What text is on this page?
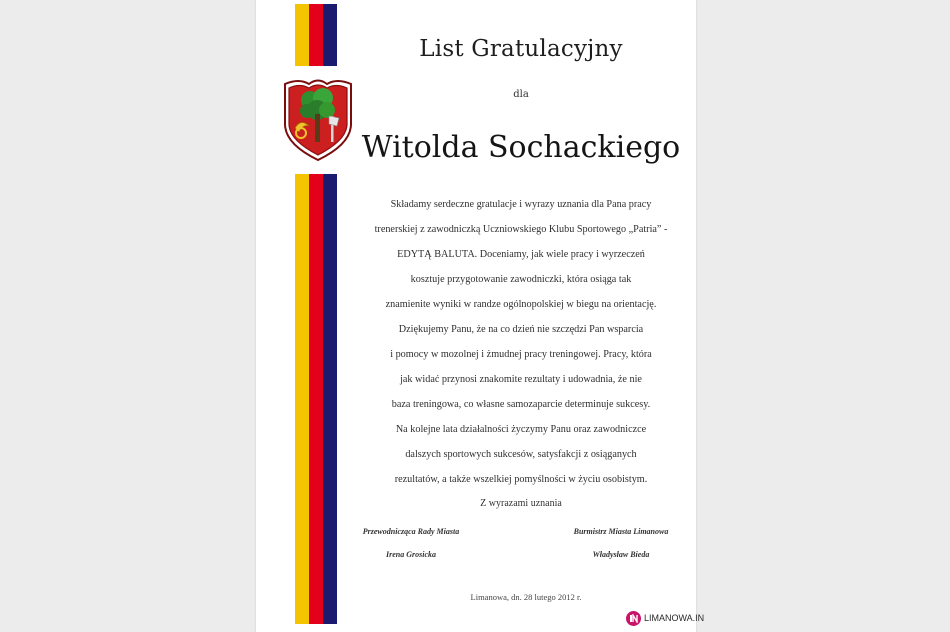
List Gratulacyjny
dla
Witolda Sochackiego
Składamy serdeczne gratulacje i wyrazy uznania dla Pana pracy
trenerskiej z zawodniczką Uczniowskiego Klubu Sportowego „Patria” -
EDYTĄ BALUTA. Doceniamy, jak wiele pracy i wyrzeczeń
kosztuje przygotowanie zawodniczki, która osiąga tak
znamienite wyniki w randze ogólnopolskiej w biegu na orientację.
Dziękujemy Panu, że na co dzień nie szczędzi Pan wsparcia
i pomocy w mozolnej i żmudnej pracy treningowej. Pracy, która
jak widać przynosi znakomite rezultaty i udowadnia, że nie
baza treningowa, co własne samozaparcie determinuje sukcesy.
Na kolejne lata działalności życzymy Panu oraz zawodniczce
dalszych sportowych sukcesów, satysfakcji z osiąganych
rezultatów, a także wszelkiej pomyślności w życiu osobistym.
Z wyrazami uznania
Przewodnicząca Rady Miasta
Irena Grosicka
Burmistrz Miasta Limanowa
Władysław Bieda
Limanowa, dn. 28 lutego 2012 r.
LIMANOWA.IN
